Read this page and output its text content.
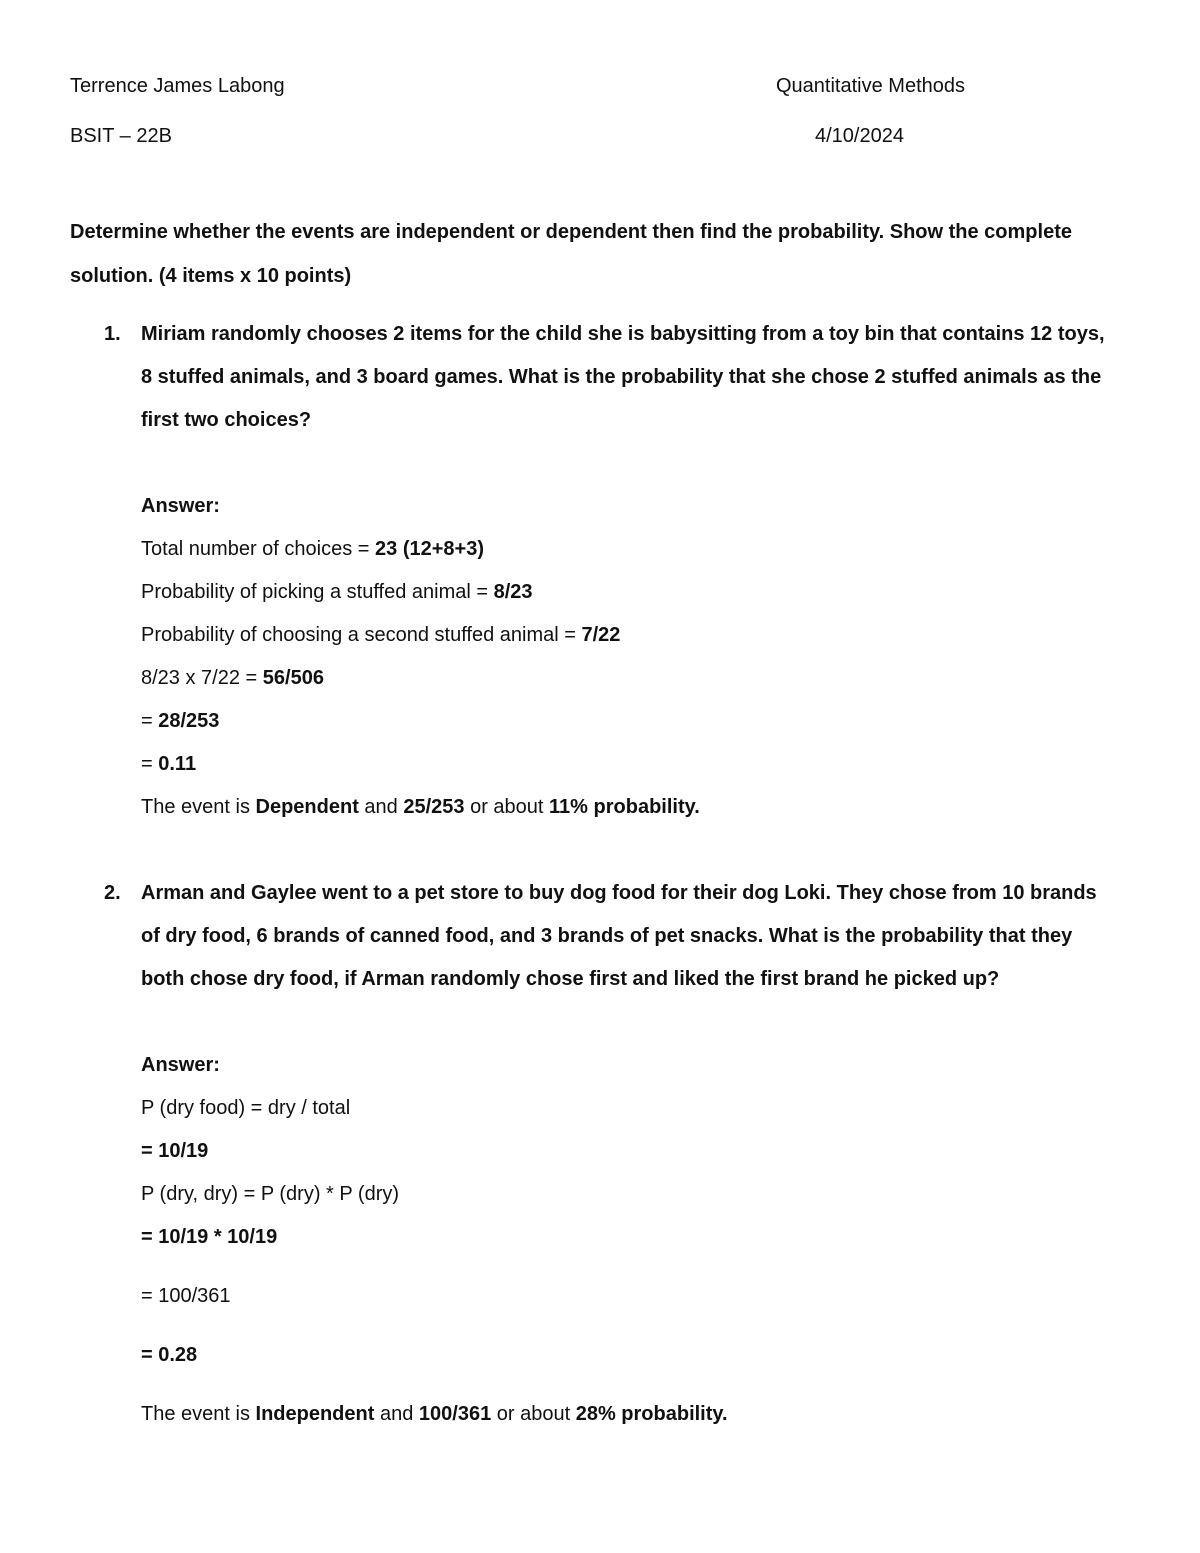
Terrence James Labong	Quantitative Methods
BSIT – 22B	4/10/2024
Determine whether the events are independent or dependent then find the probability. Show the complete
solution. (4 items x 10 points)
1. Miriam randomly chooses 2 items for the child she is babysitting from a toy bin that contains 12 toys,
8 stuffed animals, and 3 board games. What is the probability that she chose 2 stuffed animals as the
first two choices?
Answer:
Total number of choices = 23 (12+8+3)
Probability of picking a stuffed animal = 8/23
Probability of choosing a second stuffed animal = 7/22
8/23 x 7/22 = 56/506
= 28/253
= 0.11
The event is Dependent and 25/253 or about 11% probability.
2. Arman and Gaylee went to a pet store to buy dog food for their dog Loki. They chose from 10 brands
of dry food, 6 brands of canned food, and 3 brands of pet snacks. What is the probability that they
both chose dry food, if Arman randomly chose first and liked the first brand he picked up?
Answer:
P (dry food) = dry / total
= 10/19
P (dry, dry) = P (dry) * P (dry)
= 10/19 * 10/19
= 100/361
= 0.28
The event is Independent and 100/361 or about 28% probability.
